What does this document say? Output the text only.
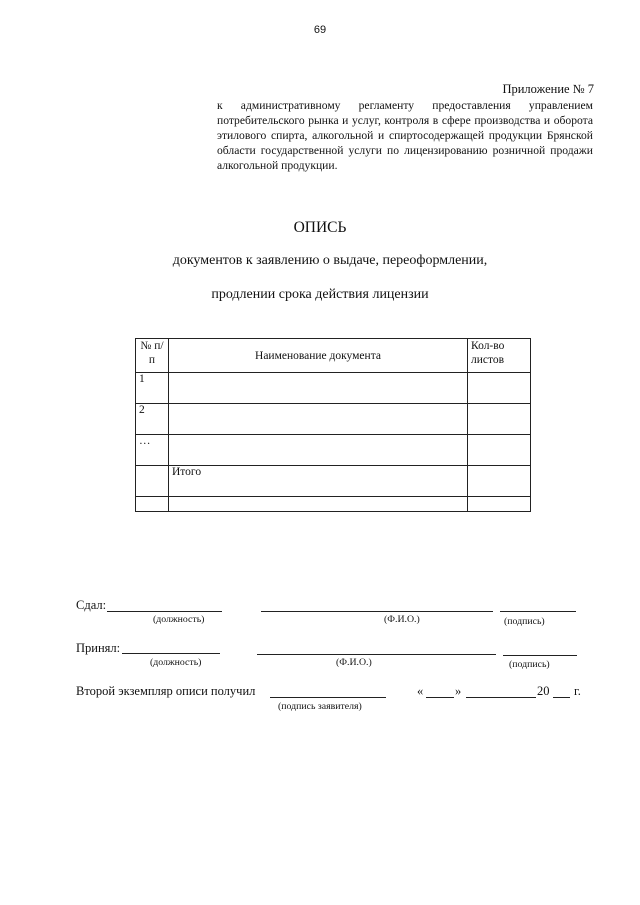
69
Приложение № 7
к административному регламенту предоставления управлением потребительского рынка и услуг, контроля в сфере производства и оборота этилового спирта, алкогольной и спиртосодержащей продукции Брянской области государственной услуги по лицензированию розничной продажи алкогольной продукции.
ОПИСЬ
документов к заявлению о выдаче, переоформлении,
продлении срока действия лицензии
№ п/п	Наименование документа	Кол-во листов
1		
2		
…		
	Итого	

Сдал:
(должность)	(Ф.И.О.)	(подпись)
Принял:
(должность)	(Ф.И.О.)	(подпись)
Второй экземпляр описи получил
(подпись заявителя)
«	»	20 г.
